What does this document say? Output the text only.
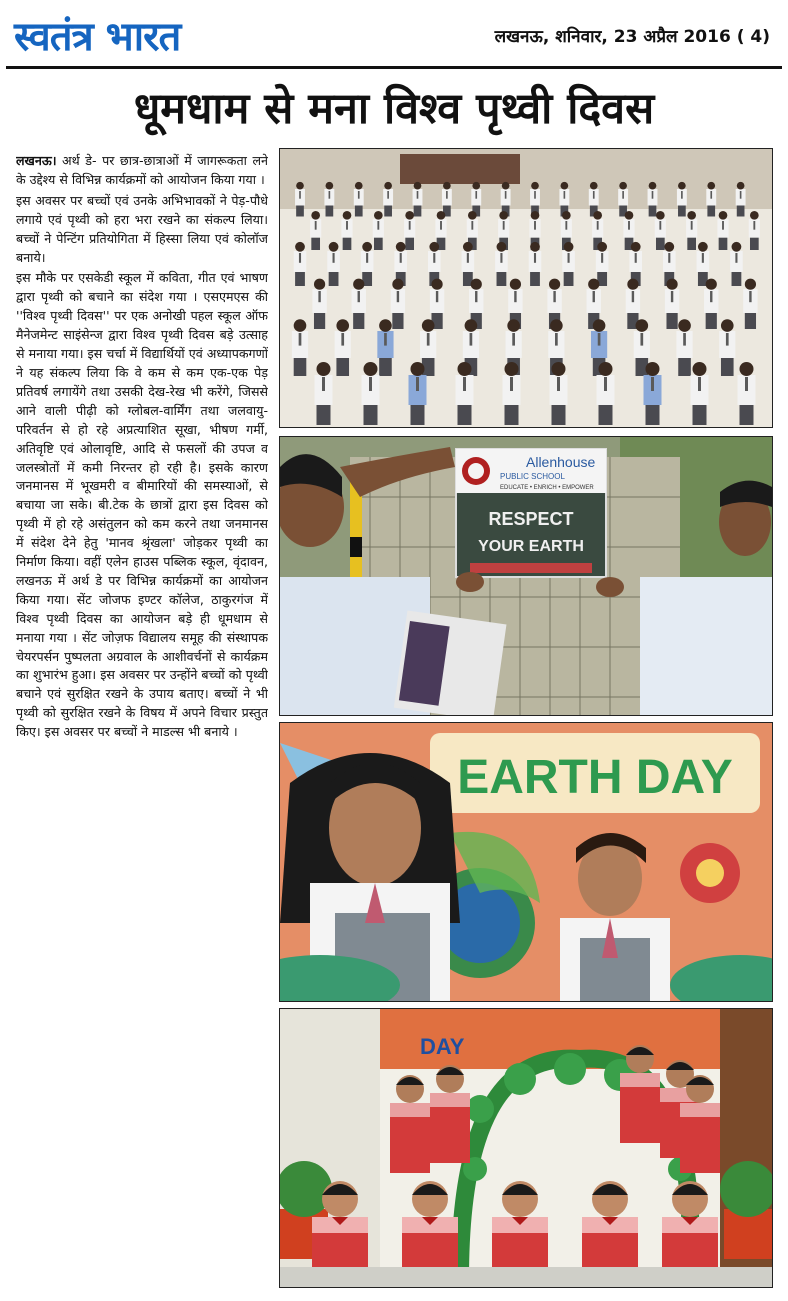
स्वतंत्र भारत	लखनऊ, शनिवार, 23 अप्रैल 2016 ( 4)
धूमधाम से मना विश्व पृथ्वी दिवस

लखनऊ। अर्थ डे- पर छात्र-छात्राओं में जागरूकता लने के उद्देश्य से विभिन्न कार्यक्रमों को आयोजन किया गया ।

इस अवसर पर बच्चों एवं उनके अभिभावकों ने पेड़-पौधे लगाये एवं पृथ्वी को हरा भरा रखने का संकल्प लिया। बच्चों ने पेन्टिंग प्रतियोगिता में हिस्सा लिया एवं कोलॉज बनाये।

इस मौके पर एसकेडी स्कूल में कविता, गीत एवं भाषण द्वारा पृथ्वी को बचाने का संदेश गया । एसएमएस की ''विश्व पृथ्वी दिवस'' पर एक अनोखी पहल स्कूल ऑफ मैनेजमेन्ट साइंसेन्ज द्वारा विश्व पृथ्वी दिवस बड़े उत्साह से मनाया गया। इस चर्चा में विद्यार्थियों एवं अध्यापकगणों ने यह संकल्प लिया कि वे कम से कम एक-एक पेड़ प्रतिवर्ष लगायेंगे तथा उसकी देख-रेख भी करेंगे, जिससे आने वाली पीढ़ी को ग्लोबल-वार्मिंग तथा जलवायु-परिवर्तन से हो रहे अप्रत्याशित सूखा, भीषण गर्मी, अतिवृष्टि एवं ओलावृष्टि, आदि से फसलों की उपज व जलस्त्रोतों में कमी निरन्तर हो रही है। इसके कारण जनमानस में भूखमरी व बीमारियों की समस्याओं, से बचाया जा सके। बी.टेक के छात्रों द्वारा इस दिवस को पृथ्वी में हो रहे असंतुलन को कम करने तथा जनमानस में संदेश देने हेतु 'मानव श्रृंखला' जोड़कर पृथ्वी का निर्माण किया। वहीं एलेन हाउस पब्लिक स्कूल, वृंदावन, लखनऊ में अर्थ डे पर विभिन्न कार्यक्रमों का आयोजन किया गया। सेंट जोजफ इण्टर कॉलेज, ठाकुरगंज में विश्व पृथ्वी दिवस का आयोजन बड़े ही धूमधाम से मनाया गया । सेंट जोज़फ विद्यालय समूह की संस्थापक चेयरपर्सन पुष्पलता अग्रवाल के आशीवर्चनों से कार्यक्रम का शुभारंभ हुआ। इस अवसर पर उन्होंने बच्चों को पृथ्वी बचाने एवं सुरक्षित रखने के उपाय बताए। बच्चों ने भी पृथ्वी को सुरक्षित रखने के विषय में अपने विचार प्रस्तुत किए। इस अवसर पर बच्चों ने माडल्स भी बनाये ।

Allenhouse
PUBLIC SCHOOL
EDUCATE • ENRICH • EMPOWER
RESPECT
YOUR EARTH
EARTH DAY
DAY
